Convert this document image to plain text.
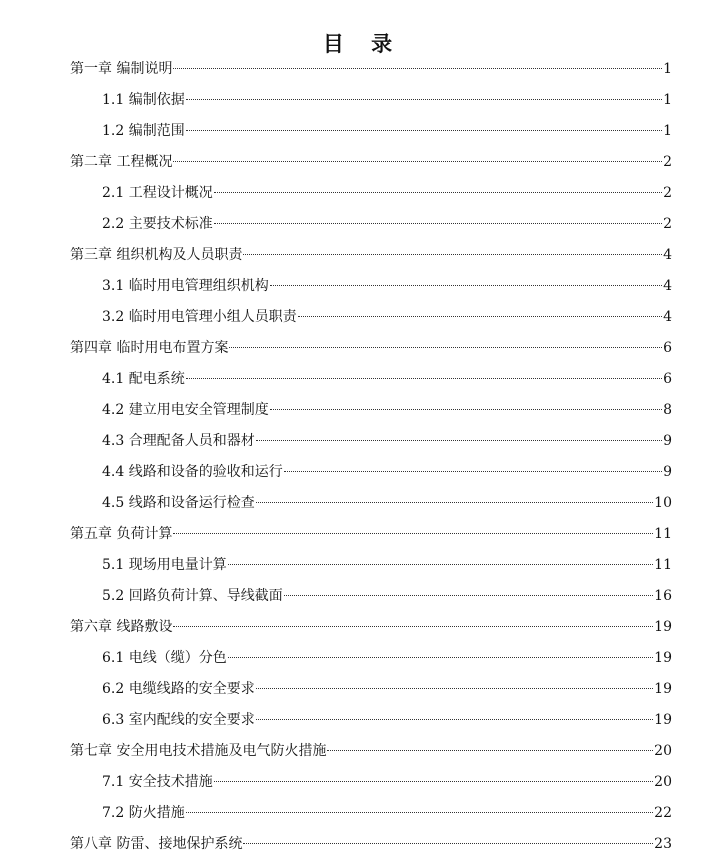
目 录
第一章 编制说明	1
1.1 编制依据	1
1.2 编制范围	1
第二章 工程概况	2
2.1 工程设计概况	2
2.2 主要技术标准	2
第三章 组织机构及人员职责	4
3.1 临时用电管理组织机构	4
3.2 临时用电管理小组人员职责	4
第四章 临时用电布置方案	6
4.1 配电系统	6
4.2 建立用电安全管理制度	8
4.3 合理配备人员和器材	9
4.4 线路和设备的验收和运行	9
4.5 线路和设备运行检查	10
第五章 负荷计算	11
5.1 现场用电量计算	11
5.2 回路负荷计算、导线截面	16
第六章 线路敷设	19
6.1 电线（缆）分色	19
6.2 电缆线路的安全要求	19
6.3 室内配线的安全要求	19
第七章 安全用电技术措施及电气防火措施	20
7.1 安全技术措施	20
7.2 防火措施	22
第八章 防雷、接地保护系统	23
